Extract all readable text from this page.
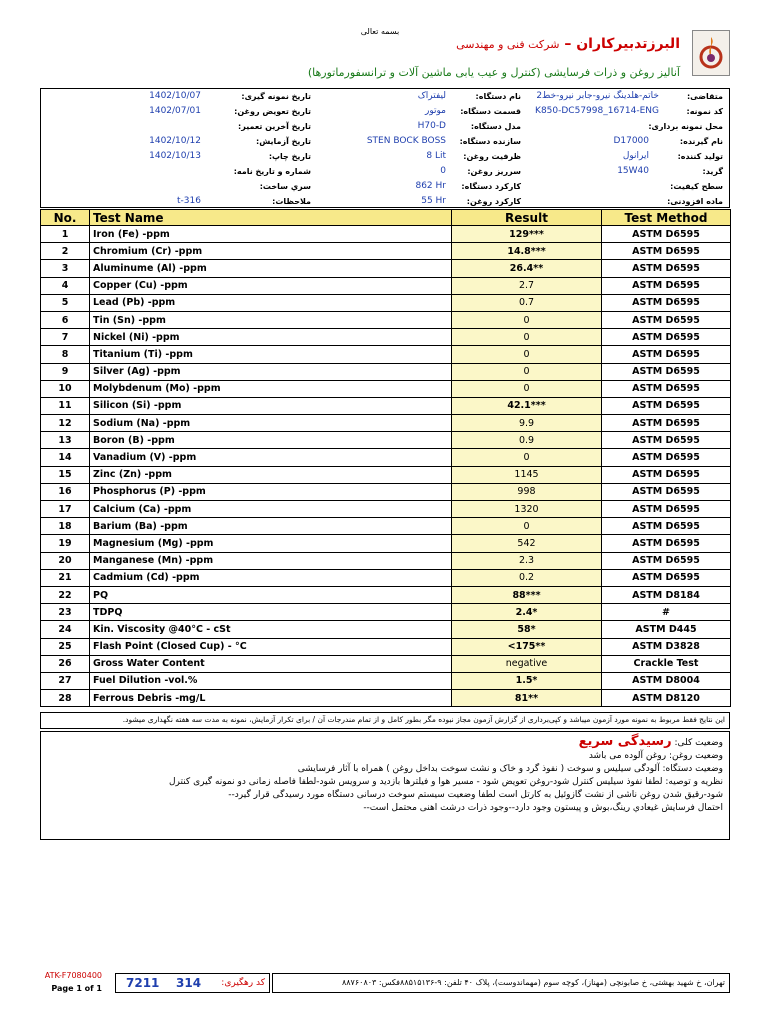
بسمه تعالی
البرزتدبيركاران – شرکت فنی و مهندسی
آنالیز روغن و ذرات فرسایشی (کنترل و عیب یابی ماشین آلات و ترانسفورماتورها)
متقاضی:
خاتم-هلدینگ نیرو-جابر نیرو-خط2
کد نمونه:
K850-DC57998_16714-ENG
محل نمونه برداری:
نام گیرنده:
D17000
تولید کننده:
ایرانول
گرید:
15W40
سطح کیفیت:
ماده افزودنی:
نام دستگاه:
لیفتراک
قسمت دستگاه:
موتور
مدل دستگاه:
H70-D
سازنده دستگاه:
STEN BOCK BOSS
ظرفیت روغن:
8 Lit
سرریز روغن:
0
کارکرد دستگاه:
862 Hr
کارکرد روغن:
55 Hr
تاریخ نمونه گیری:
1402/10/07
تاریخ تعویض روغن:
1402/07/01
تاریخ آخرین تعمیر:
تاریخ آزمایش:
1402/10/12
تاریخ چاپ:
1402/10/13
شماره و تاریخ نامه:
سري ساخت:
ملاحظات:
t-316
No.	Test Name	Result	Test Method
1	Iron (Fe) -ppm	129***	ASTM D6595
2	Chromium (Cr) -ppm	14.8***	ASTM D6595
3	Aluminume (Al) -ppm	26.4**	ASTM D6595
4	Copper (Cu) -ppm	2.7	ASTM D6595
5	Lead (Pb) -ppm	0.7	ASTM D6595
6	Tin (Sn) -ppm	0	ASTM D6595
7	Nickel (Ni) -ppm	0	ASTM D6595
8	Titanium (Ti) -ppm	0	ASTM D6595
9	Silver (Ag) -ppm	0	ASTM D6595
10	Molybdenum (Mo) -ppm	0	ASTM D6595
11	Silicon (Si) -ppm	42.1***	ASTM D6595
12	Sodium (Na) -ppm	9.9	ASTM D6595
13	Boron (B) -ppm	0.9	ASTM D6595
14	Vanadium (V) -ppm	0	ASTM D6595
15	Zinc (Zn) -ppm	1145	ASTM D6595
16	Phosphorus (P) -ppm	998	ASTM D6595
17	Calcium (Ca) -ppm	1320	ASTM D6595
18	Barium (Ba) -ppm	0	ASTM D6595
19	Magnesium (Mg) -ppm	542	ASTM D6595
20	Manganese (Mn) -ppm	2.3	ASTM D6595
21	Cadmium (Cd) -ppm	0.2	ASTM D6595
22	PQ	88***	ASTM D8184
23	TDPQ	2.4*	#
24	Kin. Viscosity @40°C - cSt	58*	ASTM D445
25	Flash Point (Closed Cup) - °C	<175**	ASTM D3828
26	Gross Water Content	negative	Crackle Test
27	Fuel Dilution -vol.%	1.5*	ASTM D8004
28	Ferrous Debris -mg/L	81**	ASTM D8120
این نتایج فقط مربوط به نمونه مورد آزمون میباشد و کپی‌برداری از گزارش آزمون مجاز نبوده مگر بطور کامل و از تمام مندرجات آن / برای تکرار آزمایش، نمونه به مدت سه هفته نگهداری میشود.

وضعیت کلی: رسیدگی سریع

وضعیت روغن: روغن آلوده می باشد

وضعیت دستگاه: آلودگی سیلیس و سوخت ( نفوذ گرد و خاک و نشت سوخت بداخل روغن ) همراه با آثار فرسایشی

نظریه و توصیه: لطفا نفوذ سیلیس کنترل شود-روغن تعویض شود - مسیر هوا و فیلترها بازدید و سرویس شود-لطفا فاصله زمانی دو نمونه گیری کنترل

شود-رقیق شدن روغن ناشی از نشت گازوئیل به کارتل است لطفا وضعیت سیستم سوخت درسانی دستگاه مورد رسیدگی قرار گیرد--

احتمال فرسایش غیعادي رینگ،بوش و پیستون وجود دارد--وجود ذرات درشت اهنی محتمل است--

ATK-F7080400
Page 1 of 1 7211 314 کد رهگیری:	تهران، خ شهید بهشتی، خ صابونچی (مهناز)، کوچه سوم (مهماندوست)، پلاک ۴۰ تلفن: ۹-۸۸۵۱۵۱۳۶فکس: ۸۸۷۶۰۸۰۳
